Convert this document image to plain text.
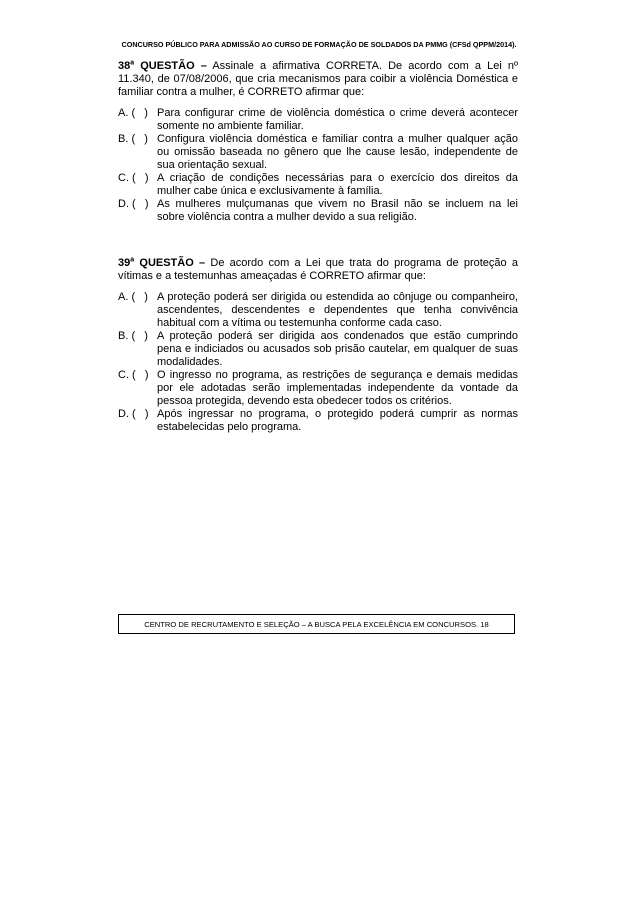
CONCURSO PÚBLICO PARA ADMISSÃO AO CURSO DE FORMAÇÃO DE SOLDADOS DA PMMG (CFSd QPPM/2014).

38$^a$ QUESTÃO – Assinale a afirmativa CORRETA. De acordo com a Lei nº 11.340, de 07/08/2006, que cria mecanismos para coibir a violência Doméstica e familiar contra a mulher, é CORRETO afirmar que:

A. (   ) Para configurar crime de violência doméstica o crime deverá acontecer somente no ambiente familiar.
B. (   ) Configura violência doméstica e familiar contra a mulher qualquer ação ou omissão baseada no gênero que lhe cause lesão, independente de sua orientação sexual.
C. (   ) A criação de condições necessárias para o exercício dos direitos da mulher cabe única e exclusivamente à família.
D. (   ) As mulheres mulçumanas que vivem no Brasil não se incluem na lei sobre violência contra a mulher devido a sua religião.

39$^a$ QUESTÃO – De acordo com a Lei que trata do programa de proteção a vítimas e a testemunhas ameaçadas é CORRETO afirmar que:

A. (   ) A proteção poderá ser dirigida ou estendida ao cônjuge ou companheiro, ascendentes, descendentes e dependentes que tenha convivência habitual com a vítima ou testemunha conforme cada caso.
B. (   ) A proteção poderá ser dirigida aos condenados que estão cumprindo pena e indiciados ou acusados sob prisão cautelar, em qualquer de suas modalidades.
C. (   ) O ingresso no programa, as restrições de segurança e demais medidas por ele adotadas serão implementadas independente da vontade da pessoa protegida, devendo esta obedecer todos os critérios.
D. (   ) Após ingressar no programa, o protegido poderá cumprir as normas estabelecidas pelo programa.
CENTRO DE RECRUTAMENTO E SELEÇÃO – A BUSCA PELA EXCELÊNCIA EM CONCURSOS.
18
